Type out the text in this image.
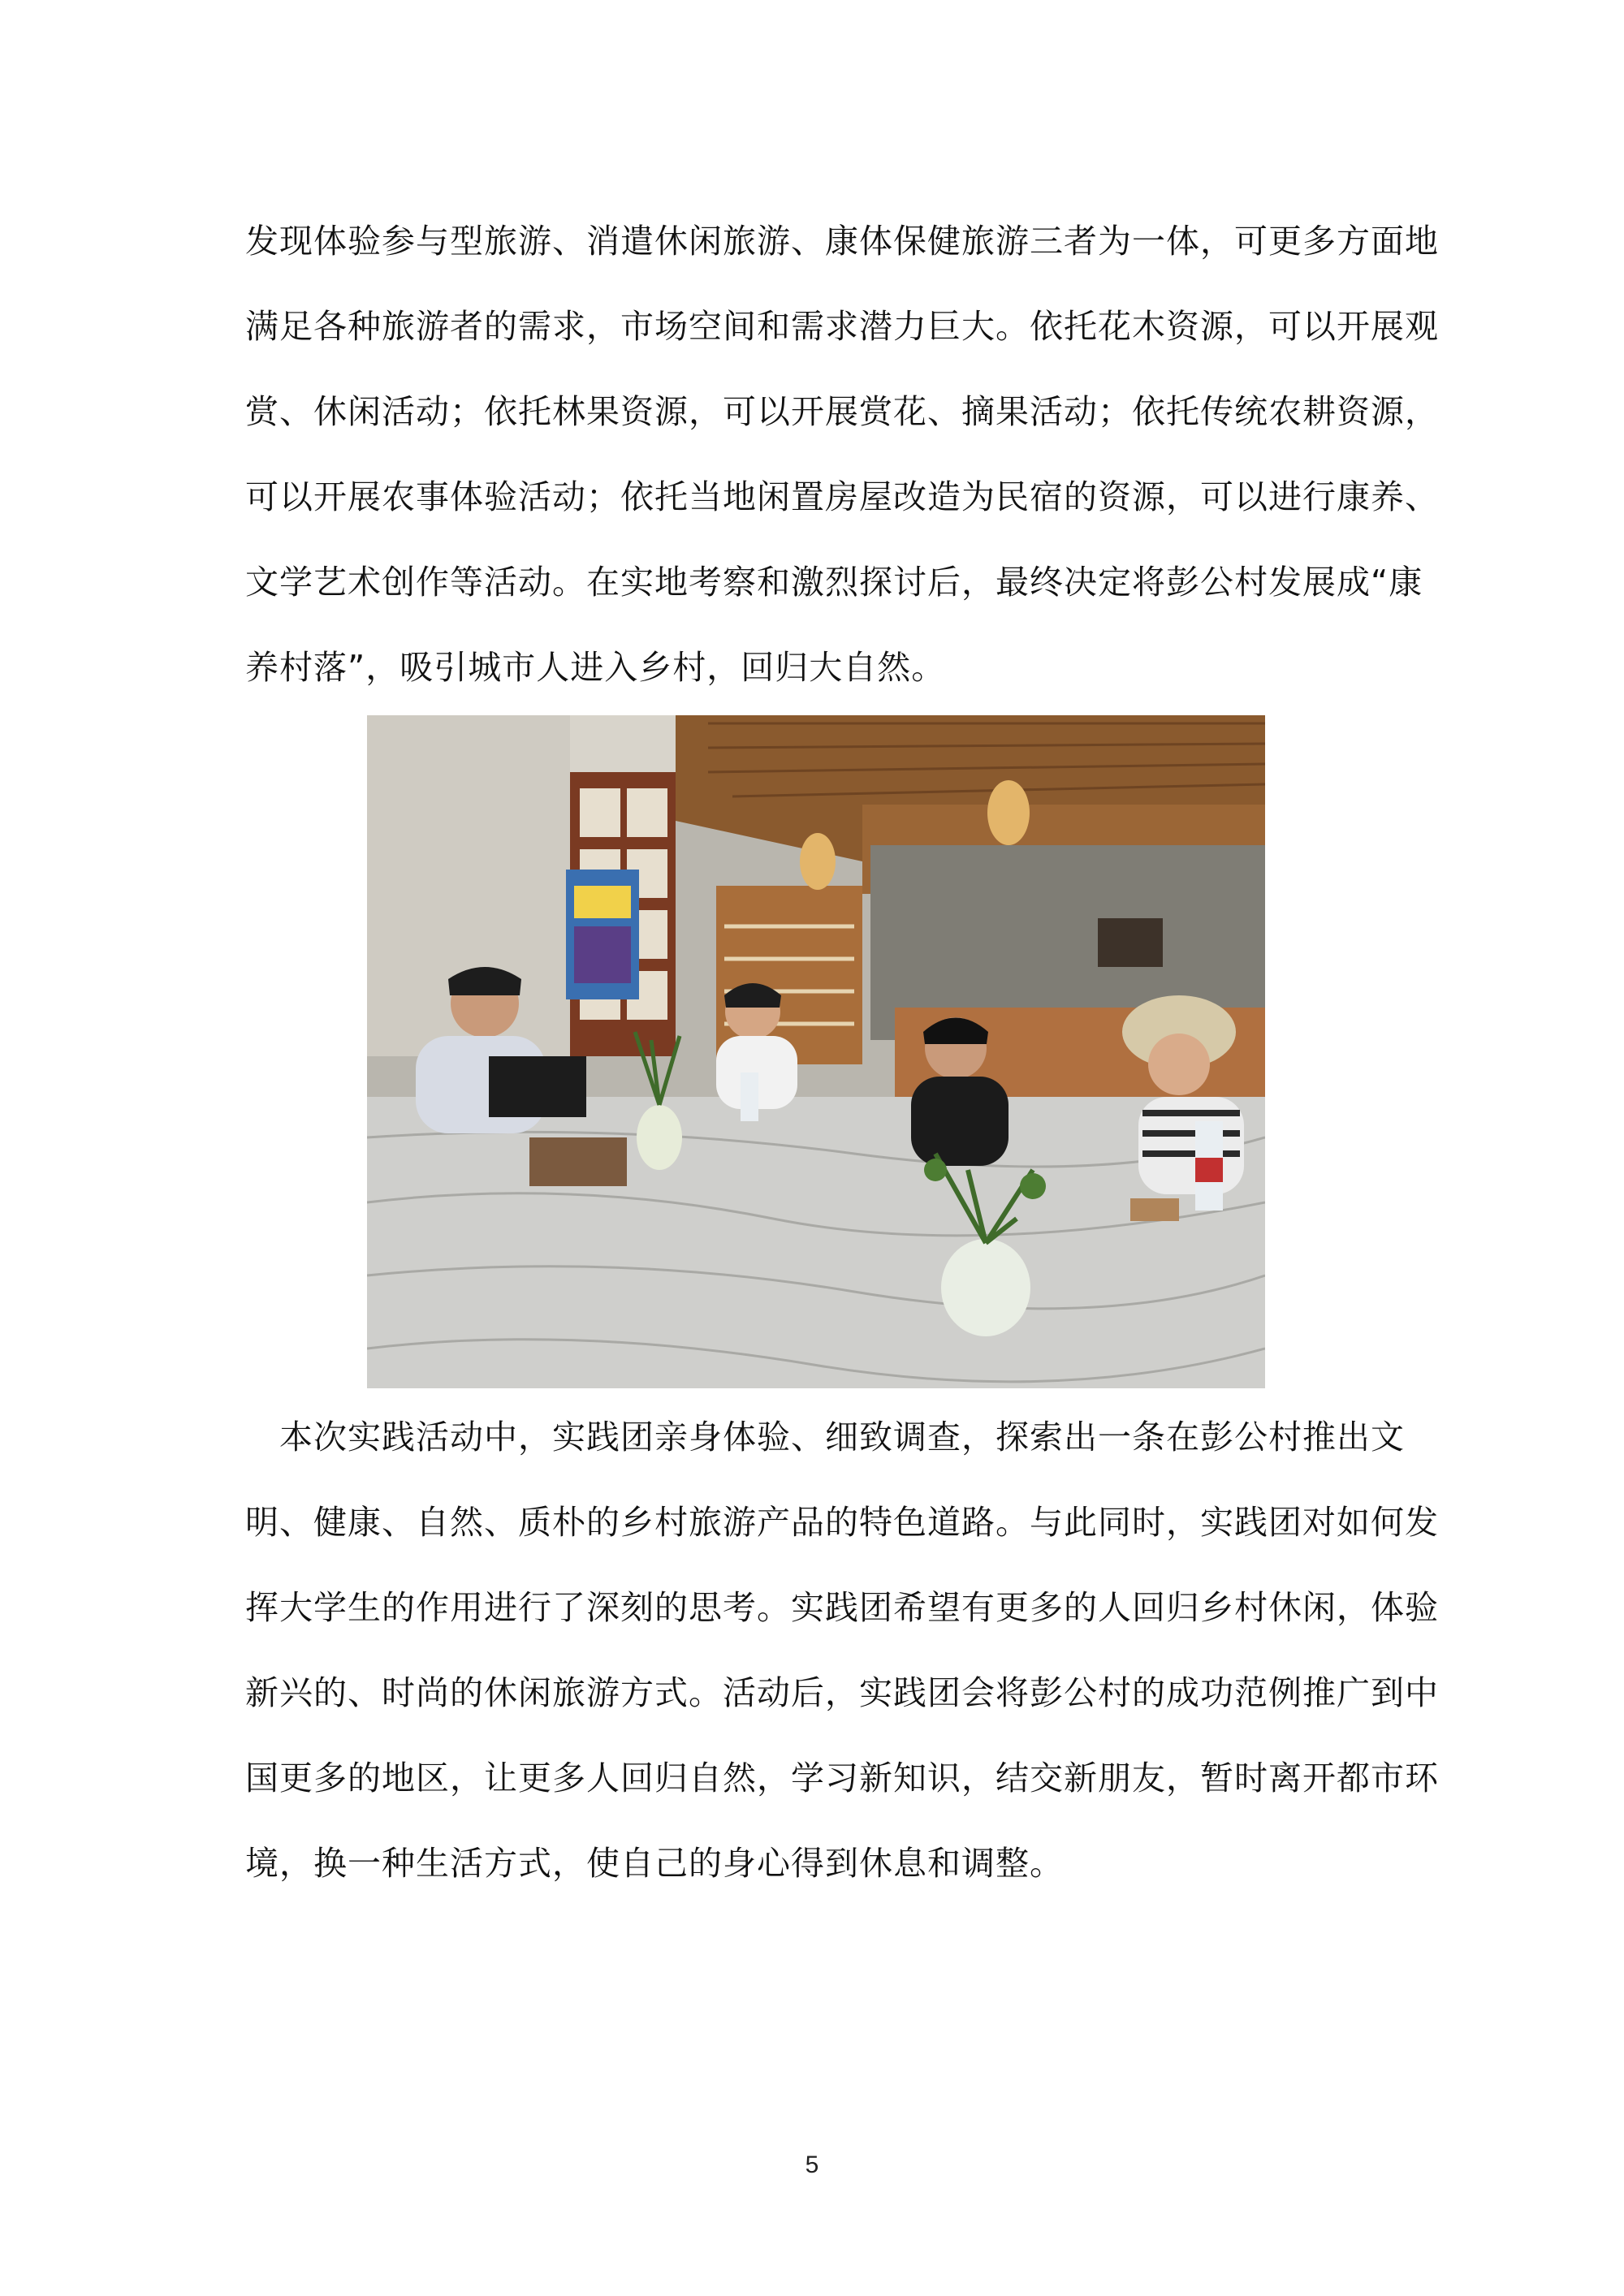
发现体验参与型旅游、消遣休闲旅游、康体保健旅游三者为一体，可更多方面地
满足各种旅游者的需求，市场空间和需求潜力巨大。依托花木资源，可以开展观
赏、休闲活动；依托林果资源，可以开展赏花、摘果活动；依托传统农耕资源，
可以开展农事体验活动；依托当地闲置房屋改造为民宿的资源，可以进行康养、
文学艺术创作等活动。在实地考察和激烈探讨后，最终决定将彭公村发展成“康
养村落”，吸引城市人进入乡村，回归大自然。
　本次实践活动中，实践团亲身体验、细致调查，探索出一条在彭公村推出文
明、健康、自然、质朴的乡村旅游产品的特色道路。与此同时，实践团对如何发
挥大学生的作用进行了深刻的思考。实践团希望有更多的人回归乡村休闲，体验
新兴的、时尚的休闲旅游方式。活动后，实践团会将彭公村的成功范例推广到中
国更多的地区，让更多人回归自然，学习新知识，结交新朋友，暂时离开都市环
境，换一种生活方式，使自己的身心得到休息和调整。
5
